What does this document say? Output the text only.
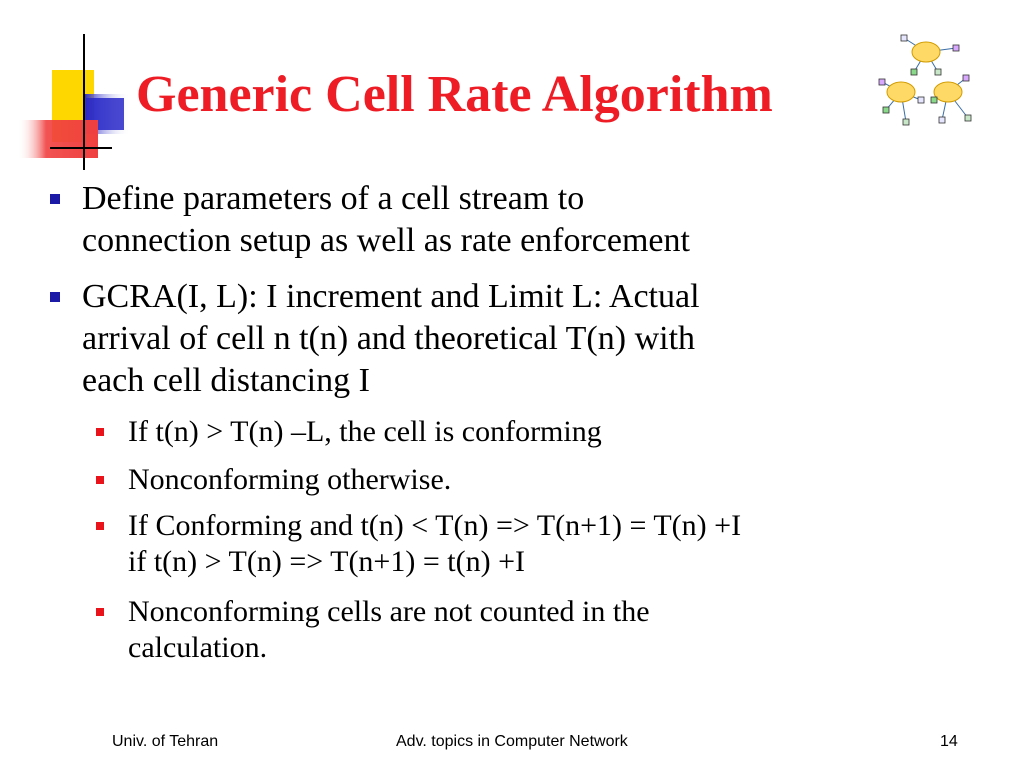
Generic Cell Rate Algorithm
Define parameters of a cell stream to
connection setup as well as rate enforcement
GCRA(I, L): I increment and Limit L: Actual
arrival of cell n t(n) and theoretical T(n) with
each cell distancing I
If t(n) > T(n) –L, the cell is conforming
Nonconforming otherwise.
If Conforming and t(n) < T(n) => T(n+1) = T(n) +I
if t(n) > T(n) => T(n+1) = t(n) +I
Nonconforming cells are not counted in the
calculation.
Univ. of Tehran	Adv. topics in Computer Network	14
